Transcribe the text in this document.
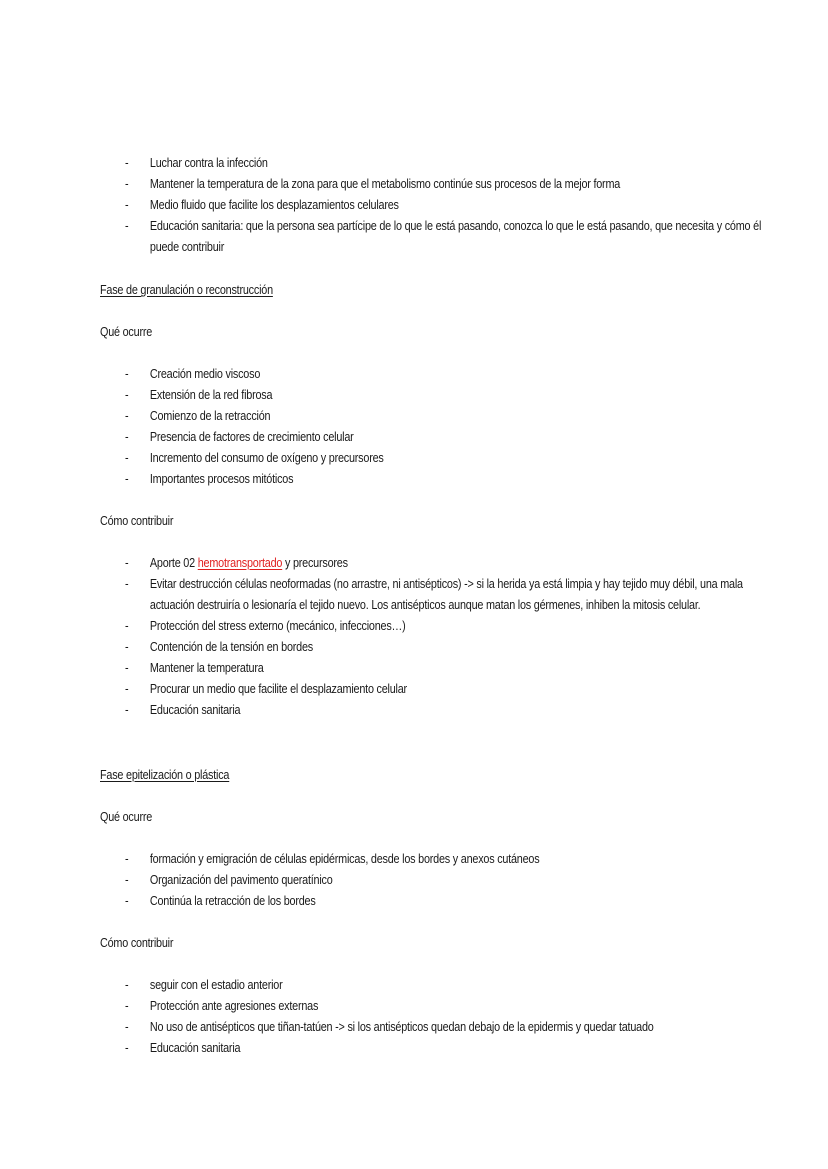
- Luchar contra la infección
- Mantener la temperatura de la zona para que el metabolismo continúe sus procesos de la mejor forma
- Medio fluido que facilite los desplazamientos celulares
- Educación sanitaria: que la persona sea partícipe de lo que le está pasando, conozca lo que le está pasando, que necesita y cómo él puede contribuir

Fase de granulación o reconstrucción

Qué ocurre

- Creación medio viscoso
- Extensión de la red fibrosa
- Comienzo de la retracción
- Presencia de factores de crecimiento celular
- Incremento del consumo de oxígeno y precursores
- Importantes procesos mitóticos

Cómo contribuir

- Aporte 02 hemotransportado y precursores
- Evitar destrucción células neoformadas (no arrastre, ni antisépticos) -> si la herida ya está limpia y hay tejido muy débil, una mala actuación destruiría o lesionaría el tejido nuevo. Los antisépticos aunque matan los gérmenes, inhiben la mitosis celular.
- Protección del stress externo (mecánico, infecciones…)
- Contención de la tensión en bordes
- Mantener la temperatura
- Procurar un medio que facilite el desplazamiento celular
- Educación sanitaria

Fase epitelización o plástica

Qué ocurre

- formación y emigración de células epidérmicas, desde los bordes y anexos cutáneos
- Organización del pavimento queratínico
- Continúa la retracción de los bordes

Cómo contribuir

- seguir con el estadio anterior
- Protección ante agresiones externas
- No uso de antisépticos que tiñan-tatúen -> si los antisépticos quedan debajo de la epidermis y quedar tatuado
- Educación sanitaria
